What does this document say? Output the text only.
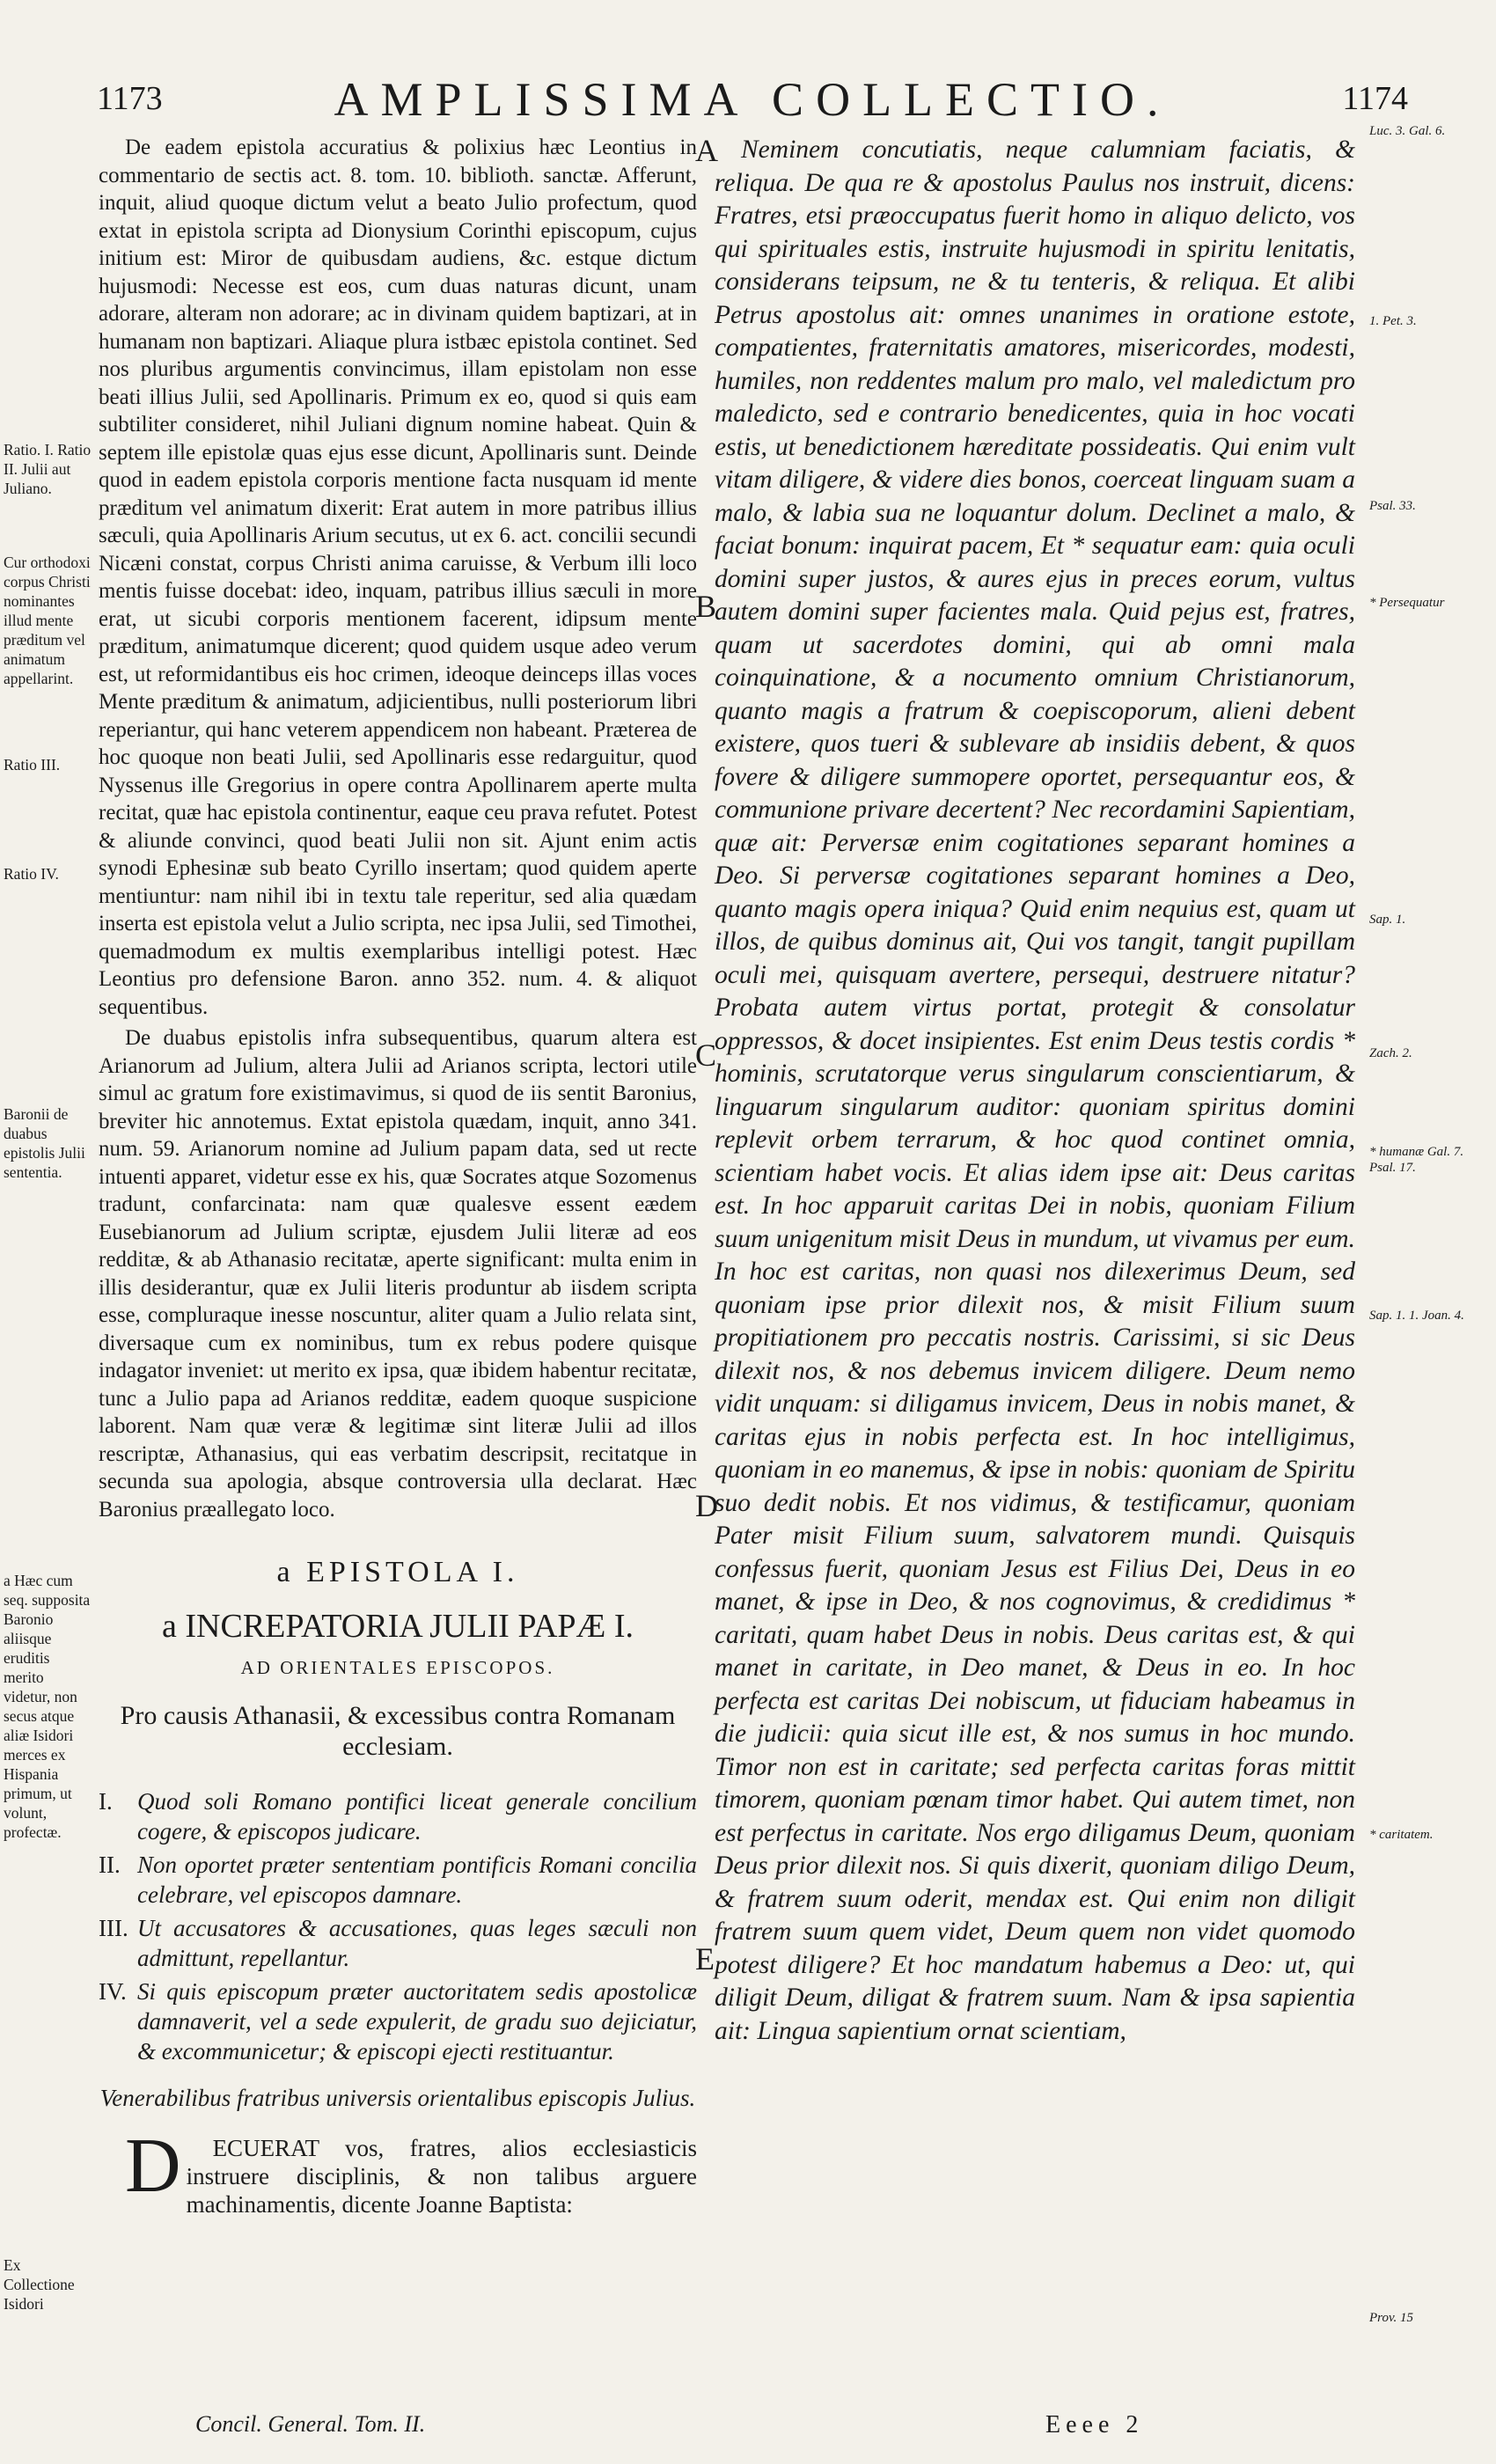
1173	AMPLISSIMA COLLECTIO.	1174
Ratio. I. Ratio II. Julii aut Juliano.
Cur orthodoxi corpus Christi nominantes illud mente præditum vel animatum appellarint.
Ratio III.
Ratio IV.
Baronii de duabus epistolis Julii sententia.
a Hæc cum seq. supposita Baronio aliisque eruditis merito videtur, non secus atque aliæ Isidori merces ex Hispania primum, ut volunt, profectæ.
Ex Collectione Isidori

De eadem epistola accuratius & polixius hæc Leontius in commentario de sectis act. 8. tom. 10. biblioth. sanctæ. Afferunt, inquit, aliud quoque dictum velut a beato Julio profectum, quod extat in epistola scripta ad Dionysium Corinthi episcopum, cujus initium est: Miror de quibusdam audiens, &c. estque dictum hujusmodi: Necesse est eos, cum duas naturas dicunt, unam adorare, alteram non adorare; ac in divinam quidem baptizari, at in humanam non baptizari. Aliaque plura istbæc epistola continet. Sed nos pluribus argumentis convincimus, illam epistolam non esse beati illius Julii, sed Apollinaris. Primum ex eo, quod si quis eam subtiliter consideret, nihil Juliani dignum nomine habeat. Quin & septem ille epistolæ quas ejus esse dicunt, Apollinaris sunt. Deinde quod in eadem epistola corporis mentione facta nusquam id mente præditum vel animatum dixerit: Erat autem in more patribus illius sæculi, quia Apollinaris Arium secutus, ut ex 6. act. concilii secundi Nicæni constat, corpus Christi anima caruisse, & Verbum illi loco mentis fuisse docebat: ideo, inquam, patribus illius sæculi in more erat, ut sicubi corporis mentionem facerent, idipsum mente præditum, animatumque dicerent; quod quidem usque adeo verum est, ut reformidantibus eis hoc crimen, ideoque deinceps illas voces Mente præditum & animatum, adjicientibus, nulli posteriorum libri reperiantur, qui hanc veterem appendicem non habeant. Præterea de hoc quoque non beati Julii, sed Apollinaris esse redarguitur, quod Nyssenus ille Gregorius in opere contra Apollinarem aperte multa recitat, quæ hac epistola continentur, eaque ceu prava refutet. Potest & aliunde convinci, quod beati Julii non sit. Ajunt enim actis synodi Ephesinæ sub beato Cyrillo insertam; quod quidem aperte mentiuntur: nam nihil ibi in textu tale reperitur, sed alia quædam inserta est epistola velut a Julio scripta, nec ipsa Julii, sed Timothei, quemadmodum ex multis exemplaribus intelligi potest. Hæc Leontius pro defensione Baron. anno 352. num. 4. & aliquot sequentibus.

De duabus epistolis infra subsequentibus, quarum altera est Arianorum ad Julium, altera Julii ad Arianos scripta, lectori utile simul ac gratum fore existimavimus, si quod de iis sentit Baronius, breviter hic annotemus. Extat epistola quædam, inquit, anno 341. num. 59. Arianorum nomine ad Julium papam data, sed ut recte intuenti apparet, videtur esse ex his, quæ Socrates atque Sozomenus tradunt, confarcinata: nam quæ qualesve essent eædem Eusebianorum ad Julium scriptæ, ejusdem Julii literæ ad eos redditæ, & ab Athanasio recitatæ, aperte significant: multa enim in illis desiderantur, quæ ex Julii literis produntur ab iisdem scripta esse, compluraque inesse noscuntur, aliter quam a Julio relata sint, diversaque cum ex nominibus, tum ex rebus podere quisque indagator inveniet: ut merito ex ipsa, quæ ibidem habentur recitatæ, tunc a Julio papa ad Arianos redditæ, eadem quoque suspicione laborent. Nam quæ veræ & legitimæ sint literæ Julii ad illos rescriptæ, Athanasius, qui eas verbatim descripsit, recitatque in secunda sua apologia, absque controversia ulla declarat. Hæc Baronius præallegato loco.

a EPISTOLA I.
a INCREPATORIA JULII PAPÆ I.
AD ORIENTALES EPISCOPOS.
Pro causis Athanasii, & excessibus contra Romanam ecclesiam.
I. Quod soli Romano pontifici liceat generale concilium cogere, & episcopos judicare.
II. Non oportet præter sententiam pontificis Romani concilia celebrare, vel episcopos damnare.
III. Ut accusatores & accusationes, quas leges sæculi non admittunt, repellantur.
IV. Si quis episcopum præter auctoritatem sedis apostolicæ damnaverit, vel a sede expulerit, de gradu suo dejiciatur, & excommunicetur; & episcopi ejecti restituantur.
Venerabilibus fratribus universis orientalibus episcopis Julius.

D ECUERAT vos, fratres, alios ecclesiasticis instruere disciplinis, & non talibus arguere machinamentis, dicente Joanne Baptista:

A
B
C
D
E

Neminem concutiatis, neque calumniam faciatis, & reliqua. De qua re & apostolus Paulus nos instruit, dicens: Fratres, etsi præoccupatus fuerit homo in aliquo delicto, vos qui spirituales estis, instruite hujusmodi in spiritu lenitatis, considerans teipsum, ne & tu tenteris, & reliqua. Et alibi Petrus apostolus ait: omnes unanimes in oratione estote, compatientes, fraternitatis amatores, misericordes, modesti, humiles, non reddentes malum pro malo, vel maledictum pro maledicto, sed e contrario benedicentes, quia in hoc vocati estis, ut benedictionem hæreditate possideatis. Qui enim vult vitam diligere, & videre dies bonos, coerceat linguam suam a malo, & labia sua ne loquantur dolum. Declinet a malo, & faciat bonum: inquirat pacem, Et * sequatur eam: quia oculi domini super justos, & aures ejus in preces eorum, vultus autem domini super facientes mala. Quid pejus est, fratres, quam ut sacerdotes domini, qui ab omni mala coinquinatione, & a nocumento omnium Christianorum, quanto magis a fratrum & coepiscoporum, alieni debent existere, quos tueri & sublevare ab insidiis debent, & quos fovere & diligere summopere oportet, persequantur eos, & communione privare decertent? Nec recordamini Sapientiam, quæ ait: Perversæ enim cogitationes separant homines a Deo. Si perversæ cogitationes separant homines a Deo, quanto magis opera iniqua? Quid enim nequius est, quam ut illos, de quibus dominus ait, Qui vos tangit, tangit pupillam oculi mei, quisquam avertere, persequi, destruere nitatur? Probata autem virtus portat, protegit & consolatur oppressos, & docet insipientes. Est enim Deus testis cordis * hominis, scrutatorque verus singularum conscientiarum, & linguarum singularum auditor: quoniam spiritus domini replevit orbem terrarum, & hoc quod continet omnia, scientiam habet vocis. Et alias idem ipse ait: Deus caritas est. In hoc apparuit caritas Dei in nobis, quoniam Filium suum unigenitum misit Deus in mundum, ut vivamus per eum. In hoc est caritas, non quasi nos dilexerimus Deum, sed quoniam ipse prior dilexit nos, & misit Filium suum propitiationem pro peccatis nostris. Carissimi, si sic Deus dilexit nos, & nos debemus invicem diligere. Deum nemo vidit unquam: si diligamus invicem, Deus in nobis manet, & caritas ejus in nobis perfecta est. In hoc intelligimus, quoniam in eo manemus, & ipse in nobis: quoniam de Spiritu suo dedit nobis. Et nos vidimus, & testificamur, quoniam Pater misit Filium suum, salvatorem mundi. Quisquis confessus fuerit, quoniam Jesus est Filius Dei, Deus in eo manet, & ipse in Deo, & nos cognovimus, & credidimus * caritati, quam habet Deus in nobis. Deus caritas est, & qui manet in caritate, in Deo manet, & Deus in eo. In hoc perfecta est caritas Dei nobiscum, ut fiduciam habeamus in die judicii: quia sicut ille est, & nos sumus in hoc mundo. Timor non est in caritate; sed perfecta caritas foras mittit timorem, quoniam pœnam timor habet. Qui autem timet, non est perfectus in caritate. Nos ergo diligamus Deum, quoniam Deus prior dilexit nos. Si quis dixerit, quoniam diligo Deum, & fratrem suum oderit, mendax est. Qui enim non diligit fratrem suum quem videt, Deum quem non videt quomodo potest diligere? Et hoc mandatum habemus a Deo: ut, qui diligit Deum, diligat & fratrem suum. Nam & ipsa sapientia ait: Lingua sapientium ornat scientiam,

Luc. 3. Gal. 6.
1. Pet. 3.
Psal. 33.
* Persequatur
Sap. 1.
Zach. 2.
* humanæ Gal. 7. Psal. 17.
Sap. 1. 1. Joan. 4.
* caritatem.
Prov. 15
Concil. General. Tom. II.	Eeee 2
